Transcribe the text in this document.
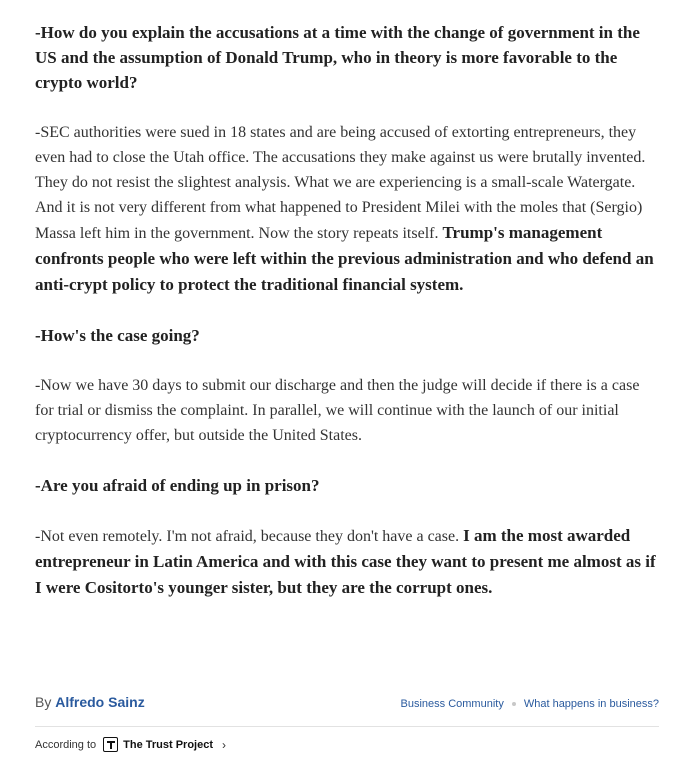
-How do you explain the accusations at a time with the change of government in the US and the assumption of Donald Trump, who in theory is more favorable to the crypto world?

-SEC authorities were sued in 18 states and are being accused of extorting entrepreneurs, they even had to close the Utah office. The accusations they make against us were brutally invented. They do not resist the slightest analysis. What we are experiencing is a small-scale Watergate. And it is not very different from what happened to President Milei with the moles that (Sergio) Massa left him in the government. Now the story repeats itself. Trump's management confronts people who were left within the previous administration and who defend an anti-crypt policy to protect the traditional financial system.

-How's the case going?

-Now we have 30 days to submit our discharge and then the judge will decide if there is a case for trial or dismiss the complaint. In parallel, we will continue with the launch of our initial cryptocurrency offer, but outside the United States.

-Are you afraid of ending up in prison?

-Not even remotely. I'm not afraid, because they don't have a case. I am the most awarded entrepreneur in Latin America and with this case they want to present me almost as if I were Cositorto's younger sister, but they are the corrupt ones.

By Alfredo Sainz	Business Community What happens in business?
According to The Trust Project ›
